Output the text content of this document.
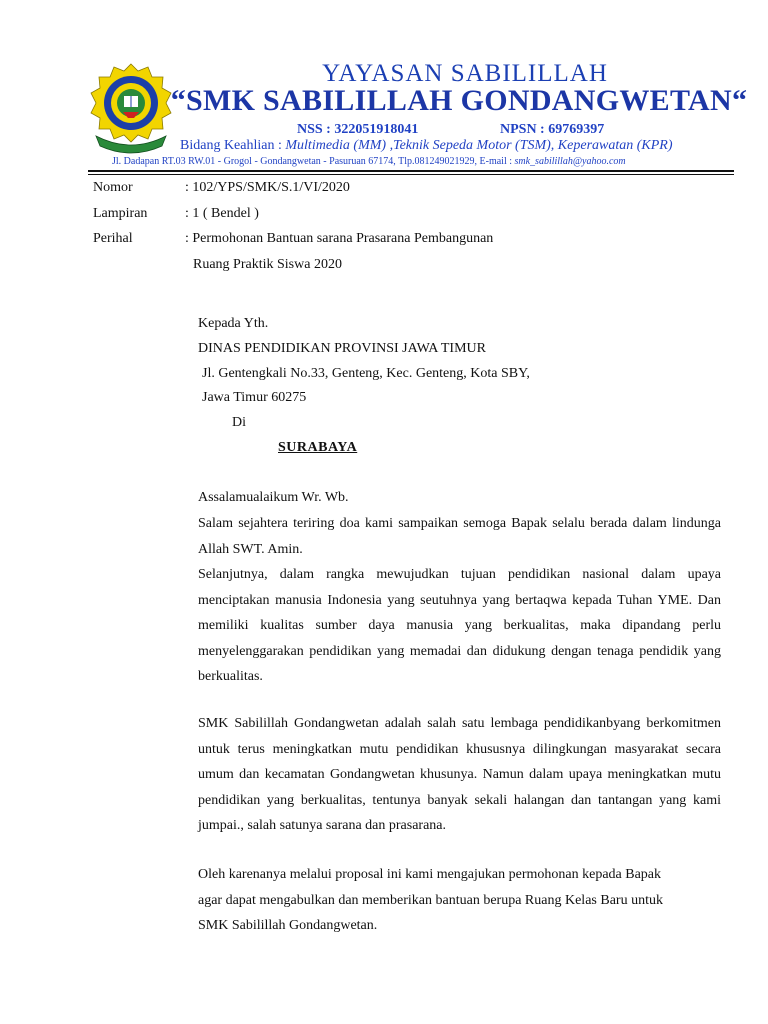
YAYASAN SABILILLAH
“SMK SABILILLAH GONDANGWETAN“
NSS : 322051918041	NPSN : 69769397
Bidang Keahlian : Multimedia (MM) ,Teknik Sepeda Motor (TSM), Keperawatan (KPR)
Jl. Dadapan RT.03 RW.01 - Grogol - Gondangwetan - Pasuruan 67174, Tlp.081249021929, E-mail : smk_sabilillah@yahoo.com
Nomor	: 102/YPS/SMK/S.1/VI/2020
Lampiran	: 1 ( Bendel )
Perihal	: Permohonan Bantuan sarana Prasarana Pembangunan
Ruang Praktik Siswa 2020
Kepada Yth.
DINAS PENDIDIKAN PROVINSI JAWA TIMUR
Jl. Gentengkali No.33, Genteng, Kec. Genteng, Kota SBY,
Jawa Timur 60275
Di
SURABAYA
Assalamualaikum Wr. Wb.
Salam sejahtera teriring doa kami sampaikan semoga Bapak selalu berada dalam lindunga Allah SWT. Amin.
Selanjutnya, dalam rangka mewujudkan tujuan pendidikan nasional dalam upaya menciptakan manusia Indonesia yang seutuhnya yang bertaqwa kepada Tuhan YME. Dan memiliki kualitas sumber daya manusia yang berkualitas, maka dipandang perlu menyelenggarakan pendidikan yang memadai dan didukung dengan tenaga pendidik yang berkualitas.
SMK Sabilillah Gondangwetan adalah salah satu lembaga pendidikanbyang berkomitmen untuk terus meningkatkan mutu pendidikan khususnya dilingkungan masyarakat secara umum dan kecamatan Gondangwetan khusunya. Namun dalam upaya meningkatkan mutu pendidikan yang berkualitas, tentunya banyak sekali halangan dan tantangan yang kami jumpai., salah satunya sarana dan prasarana.
Oleh karenanya melalui proposal ini kami mengajukan permohonan kepada Bapak
agar dapat mengabulkan dan memberikan bantuan berupa Ruang Kelas Baru untuk
SMK Sabilillah Gondangwetan.
